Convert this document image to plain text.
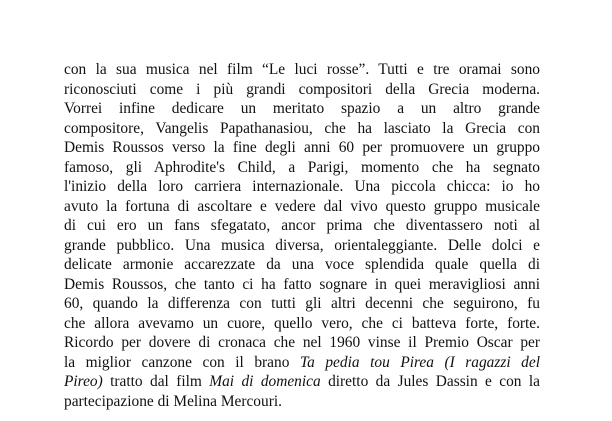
con la sua musica nel film “Le luci rosse”. Tutti e tre oramai sono
riconosciuti come i più grandi compositori della Grecia moderna.
Vorrei infine dedicare un meritato spazio a un altro grande
compositore, Vangelis Papathanasiou, che ha lasciato la Grecia con
Demis Roussos verso la fine degli anni 60 per promuovere un gruppo
famoso, gli Aphrodite's Child, a Parigi, momento che ha segnato
l'inizio della loro carriera internazionale. Una piccola chicca: io ho
avuto la fortuna di ascoltare e vedere dal vivo questo gruppo musicale
di cui ero un fans sfegatato, ancor prima che diventassero noti al
grande pubblico. Una musica diversa, orientaleggiante. Delle dolci e
delicate armonie accarezzate da una voce splendida quale quella di
Demis Roussos, che tanto ci ha fatto sognare in quei meravigliosi anni
60, quando la differenza con tutti gli altri decenni che seguirono, fu
che allora avevamo un cuore, quello vero, che ci batteva forte, forte.
Ricordo per dovere di cronaca che nel 1960 vinse il Premio Oscar per
la miglior canzone con il brano Ta pedia tou Pirea (I ragazzi del
Pireo) tratto dal film Mai di domenica diretto da Jules Dassin e con la
partecipazione di Melina Mercouri.
